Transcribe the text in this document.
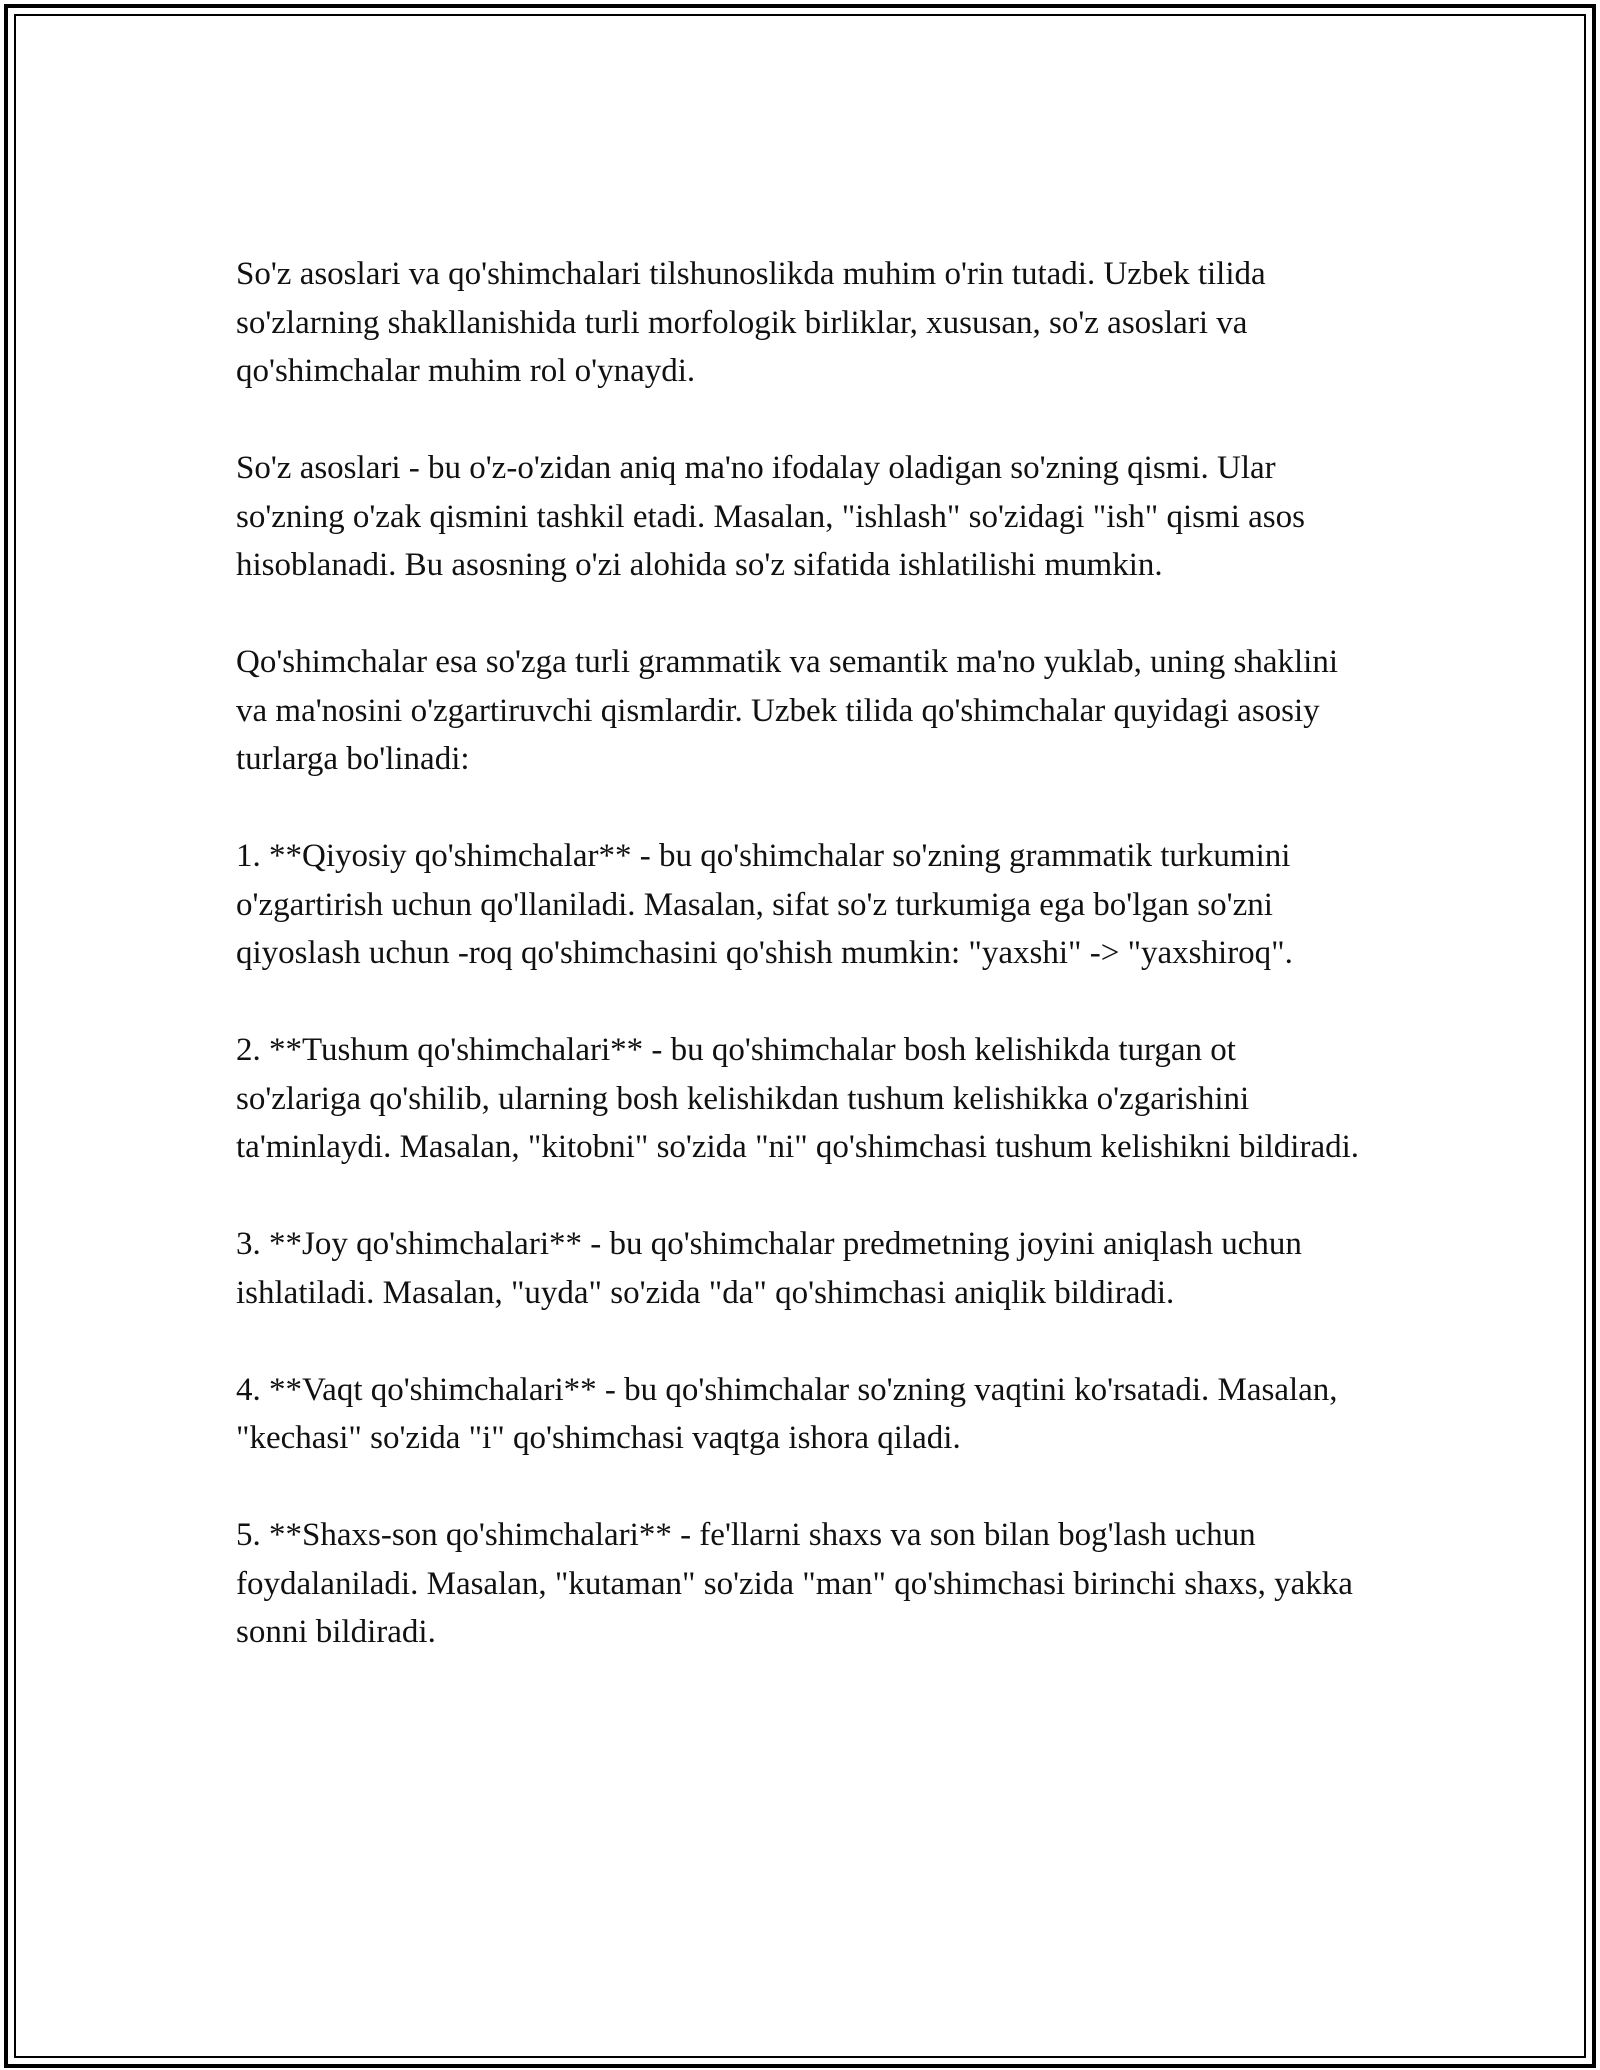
So'z asoslari va qo'shimchalari tilshunoslikda muhim o'rin tutadi. Uzbek tilida so'zlarning shakllanishida turli morfologik birliklar, xususan, so'z asoslari va qo'shimchalar muhim rol o'ynaydi.

So'z asoslari - bu o'z-o'zidan aniq ma'no ifodalay oladigan so'zning qismi. Ular so'zning o'zak qismini tashkil etadi. Masalan, "ishlash" so'zidagi "ish" qismi asos hisoblanadi. Bu asosning o'zi alohida so'z sifatida ishlatilishi mumkin.

Qo'shimchalar esa so'zga turli grammatik va semantik ma'no yuklab, uning shaklini va ma'nosini o'zgartiruvchi qismlardir. Uzbek tilida qo'shimchalar quyidagi asosiy turlarga bo'linadi:

1. **Qiyosiy qo'shimchalar** - bu qo'shimchalar so'zning grammatik turkumini o'zgartirish uchun qo'llaniladi. Masalan, sifat so'z turkumiga ega bo'lgan so'zni qiyoslash uchun -roq qo'shimchasini qo'shish mumkin: "yaxshi" -> "yaxshiroq".

2. **Tushum qo'shimchalari** - bu qo'shimchalar bosh kelishikda turgan ot so'zlariga qo'shilib, ularning bosh kelishikdan tushum kelishikka o'zgarishini ta'minlaydi. Masalan, "kitobni" so'zida "ni" qo'shimchasi tushum kelishikni bildiradi.

3. **Joy qo'shimchalari** - bu qo'shimchalar predmetning joyini aniqlash uchun ishlatiladi. Masalan, "uyda" so'zida "da" qo'shimchasi aniqlik bildiradi.

4. **Vaqt qo'shimchalari** - bu qo'shimchalar so'zning vaqtini ko'rsatadi. Masalan, "kechasi" so'zida "i" qo'shimchasi vaqtga ishora qiladi.

5. **Shaxs-son qo'shimchalari** - fe'llarni shaxs va son bilan bog'lash uchun foydalaniladi. Masalan, "kutaman" so'zida "man" qo'shimchasi birinchi shaxs, yakka sonni bildiradi.
